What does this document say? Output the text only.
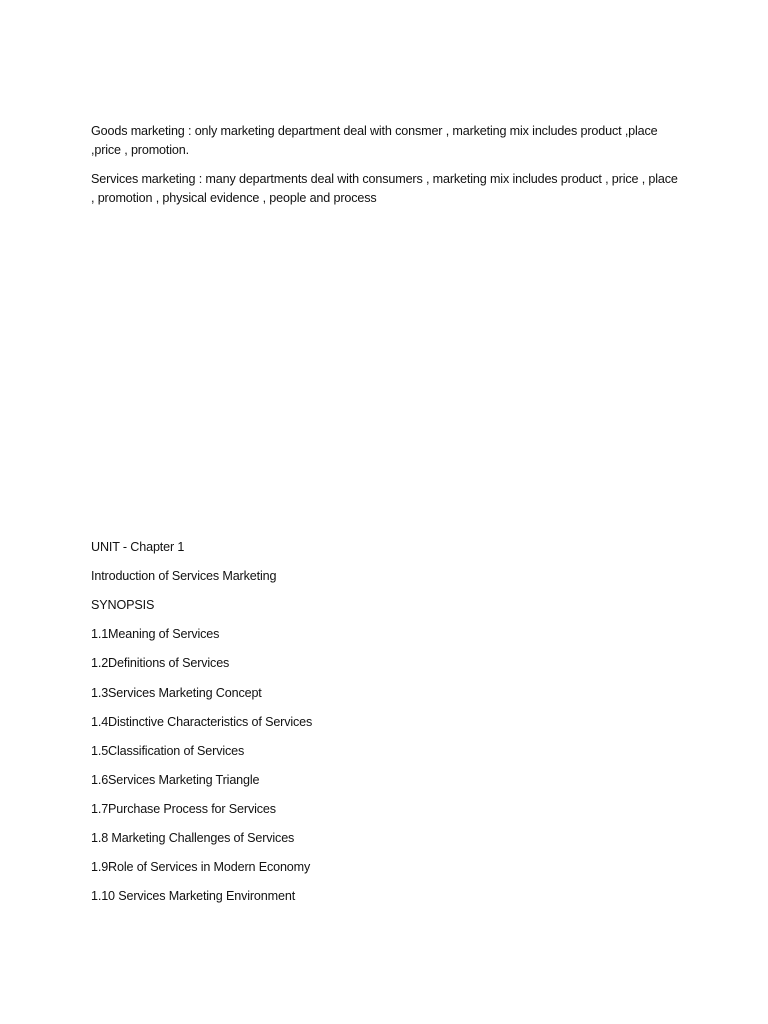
Goods marketing : only marketing department deal with consmer , marketing mix includes product ,place ,price , promotion.
Services marketing : many departments deal with consumers , marketing mix includes product , price , place , promotion , physical evidence , people and process
UNIT - Chapter 1
Introduction of Services Marketing
SYNOPSIS
1.1Meaning of Services
1.2Definitions of Services
1.3Services Marketing Concept
1.4Distinctive Characteristics of Services
1.5Classification of Services
1.6Services Marketing Triangle
1.7Purchase Process for Services
1.8 Marketing Challenges of Services
1.9Role of Services in Modern Economy
1.10 Services Marketing Environment
